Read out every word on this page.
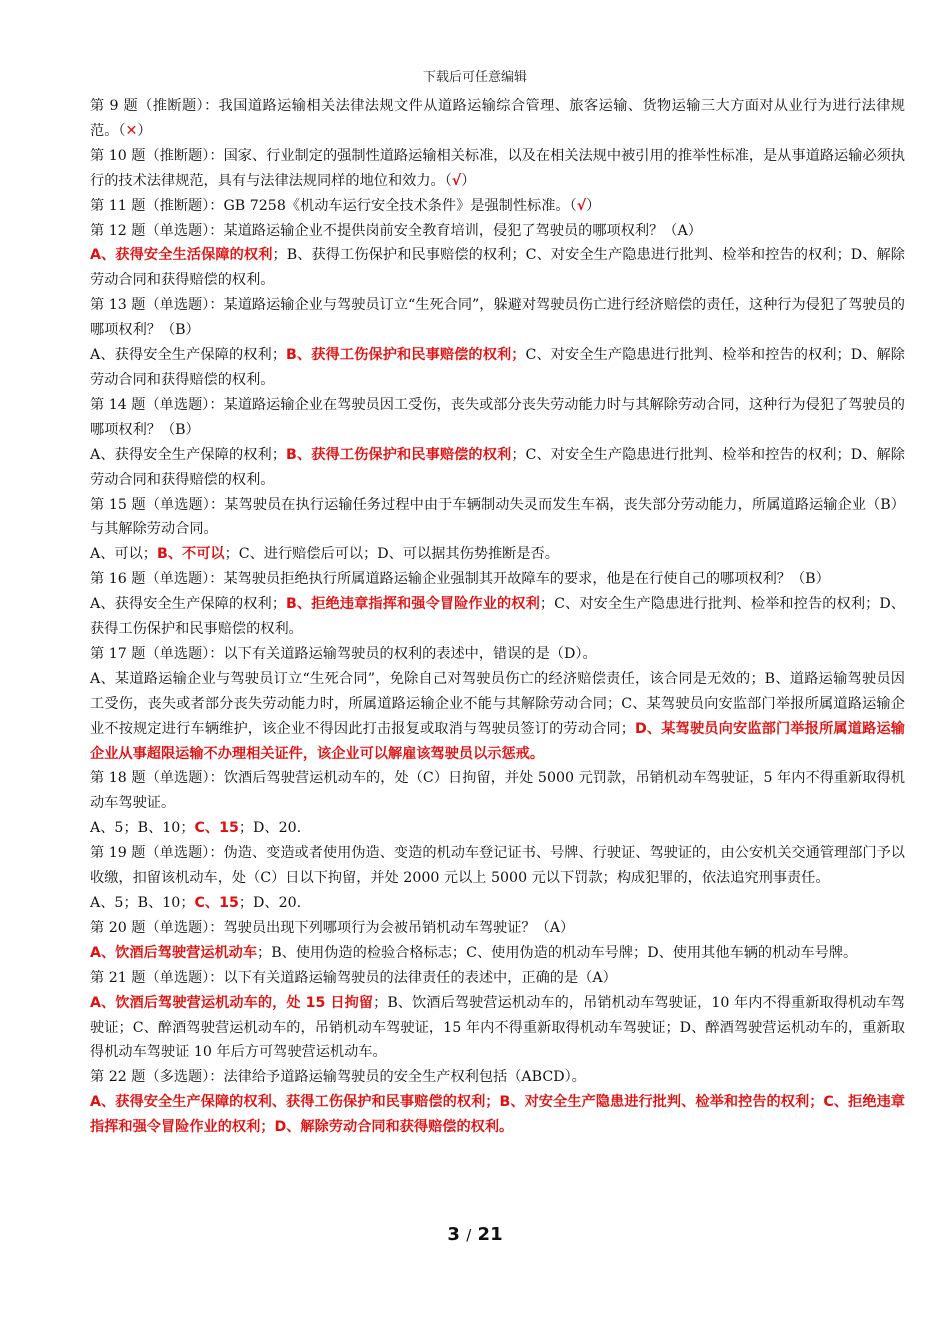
下载后可任意编辑

第 9 题（推断题）：我国道路运输相关法律法规文件从道路运输综合管理、旅客运输、货物运输三大方面对从业行为进行法律规范。（✕）

第 10 题（推断题）：国家、行业制定的强制性道路运输相关标准，以及在相关法规中被引用的推举性标准，是从事道路运输必须执行的技术法律规范，具有与法律法规同样的地位和效力。（√）

第 11 题（推断题）：GB 7258《机动车运行安全技术条件》是强制性标准。（√）

第 12 题（单选题）：某道路运输企业不提供岗前安全教育培训，侵犯了驾驶员的哪项权利？（A）

A、获得安全生活保障的权利；B、获得工伤保护和民事赔偿的权利；C、对安全生产隐患进行批判、检举和控告的权利；D、解除劳动合同和获得赔偿的权利。

第 13 题（单选题）：某道路运输企业与驾驶员订立“生死合同”，躲避对驾驶员伤亡进行经济赔偿的责任，这种行为侵犯了驾驶员的哪项权利？（B）

A、获得安全生产保障的权利；B、获得工伤保护和民事赔偿的权利；C、对安全生产隐患进行批判、检举和控告的权利；D、解除劳动合同和获得赔偿的权利。

第 14 题（单选题）：某道路运输企业在驾驶员因工受伤，丧失或部分丧失劳动能力时与其解除劳动合同，这种行为侵犯了驾驶员的哪项权利？（B）

A、获得安全生产保障的权利；B、获得工伤保护和民事赔偿的权利；C、对安全生产隐患进行批判、检举和控告的权利；D、解除劳动合同和获得赔偿的权利。

第 15 题（单选题）：某驾驶员在执行运输任务过程中由于车辆制动失灵而发生车祸，丧失部分劳动能力，所属道路运输企业（B）与其解除劳动合同。

A、可以；B、不可以；C、进行赔偿后可以；D、可以据其伤势推断是否。

第 16 题（单选题）：某驾驶员拒绝执行所属道路运输企业强制其开故障车的要求，他是在行使自己的哪项权利？（B）

A、获得安全生产保障的权利；B、拒绝违章指挥和强令冒险作业的权利；C、对安全生产隐患进行批判、检举和控告的权利；D、获得工伤保护和民事赔偿的权利。

第 17 题（单选题）：以下有关道路运输驾驶员的权利的表述中，错误的是（D）。

A、某道路运输企业与驾驶员订立“生死合同”，免除自己对驾驶员伤亡的经济赔偿责任，该合同是无效的；B、道路运输驾驶员因工受伤，丧失或者部分丧失劳动能力时，所属道路运输企业不能与其解除劳动合同；C、某驾驶员向安监部门举报所属道路运输企业不按规定进行车辆维护，该企业不得因此打击报复或取消与驾驶员签订的劳动合同；D、某驾驶员向安监部门举报所属道路运输企业从事超限运输不办理相关证件，该企业可以解雇该驾驶员以示惩戒。

第 18 题（单选题）：饮酒后驾驶营运机动车的，处（C）日拘留，并处 5000 元罚款，吊销机动车驾驶证，5 年内不得重新取得机动车驾驶证。

A、5；B、10；C、15；D、20.

第 19 题（单选题）：伪造、变造或者使用伪造、变造的机动车登记证书、号牌、行驶证、驾驶证的，由公安机关交通管理部门予以收缴，扣留该机动车，处（C）日以下拘留，并处 2000 元以上 5000 元以下罚款；构成犯罪的，依法追究刑事责任。

A、5；B、10；C、15；D、20.

第 20 题（单选题）：驾驶员出现下列哪项行为会被吊销机动车驾驶证？（A）

A、饮酒后驾驶营运机动车；B、使用伪造的检验合格标志；C、使用伪造的机动车号牌；D、使用其他车辆的机动车号牌。

第 21 题（单选题）：以下有关道路运输驾驶员的法律责任的表述中，正确的是（A）

A、饮酒后驾驶营运机动车的，处 15 日拘留；B、饮酒后驾驶营运机动车的，吊销机动车驾驶证，10 年内不得重新取得机动车驾驶证；C、醉酒驾驶营运机动车的，吊销机动车驾驶证，15 年内不得重新取得机动车驾驶证；D、醉酒驾驶营运机动车的，重新取得机动车驾驶证 10 年后方可驾驶营运机动车。

第 22 题（多选题）：法律给予道路运输驾驶员的安全生产权利包括（ABCD）。

A、获得安全生产保障的权利、获得工伤保护和民事赔偿的权利；B、对安全生产隐患进行批判、检举和控告的权利；C、拒绝违章指挥和强令冒险作业的权利；D、解除劳动合同和获得赔偿的权利。

3 / 21
